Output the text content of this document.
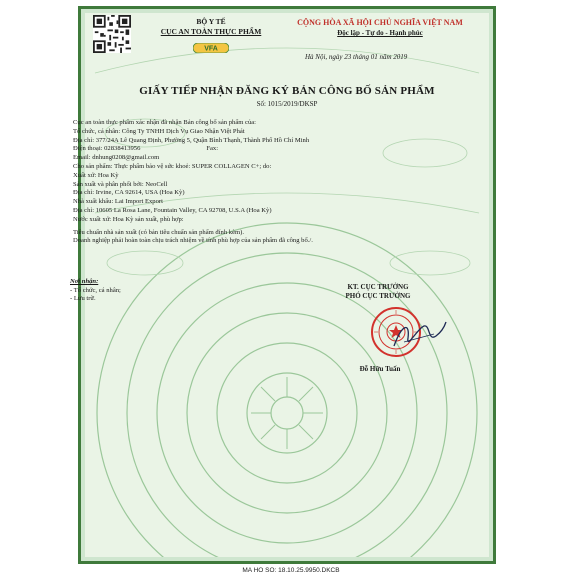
BỘ Y TẾ
CỤC AN TOÀN THỰC PHẨM
VFA
CỘNG HÒA XÃ HỘI CHỦ NGHĨA VIỆT NAM
Độc lập - Tự do - Hạnh phúc
Hà Nội, ngày 23 tháng 01 năm 2019
GIẤY TIẾP NHẬN ĐĂNG KÝ BẢN CÔNG BỐ SẢN PHẨM
Số: 1015/2019/DKSP
Cục an toàn thực phẩm xác nhận đã nhận Bản công bố sản phẩm của:
Tổ chức, cá nhân: Công Ty TNHH Dịch Vụ Giao Nhận Việt Phát
Địa chỉ: 377/24A Lê Quang Định, Phường 5, Quận Bình Thạnh, Thành Phố Hồ Chí Minh
Điện thoại: 02838413956                                        Fax:
Email: dnhung0208@gmail.com
Cho sản phẩm: Thực phẩm bảo vệ sức khoẻ: SUPER COLLAGEN C+; do:
Xuất xứ: Hoa Kỳ
Sản xuất và phân phối bởi: NeoCell
Địa chỉ: Irvine, CA 92614, USA (Hoa Kỳ)
Nhà xuất khẩu: Lai Import Export
Địa chỉ: 10605 La Rosa Lane, Fountain Valley, CA 92708, U.S.A (Hoa Kỳ)
Nước xuất xứ: Hoa Kỳ sản xuất, phù hợp:
Tiêu chuẩn nhà sản xuất (có bản tiêu chuẩn sản phẩm đính kèm).
Doanh nghiệp phải hoàn toàn chịu trách nhiệm về tính phù hợp của sản phẩm đã công bố./.
Nơi nhận:
- Tổ chức, cá nhân;
- Lưu trữ.
KT. CỤC TRƯỞNG
PHÓ CỤC TRƯỞNG
Đỗ Hữu Tuấn
MA HO SO: 18.10.25.9950.DKCB
